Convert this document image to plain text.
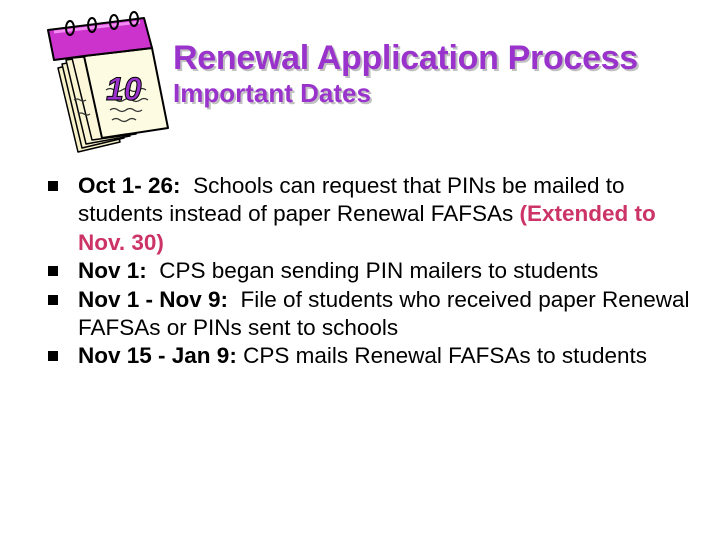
10
Renewal Application Process
Important Dates
Oct 1- 26: Schools can request that PINs be mailed to students instead of paper Renewal FAFSAs (Extended to Nov. 30)
Nov 1: CPS began sending PIN mailers to students
Nov 1 - Nov 9: File of students who received paper Renewal FAFSAs or PINs sent to schools
Nov 15 - Jan 9: CPS mails Renewal FAFSAs to students
